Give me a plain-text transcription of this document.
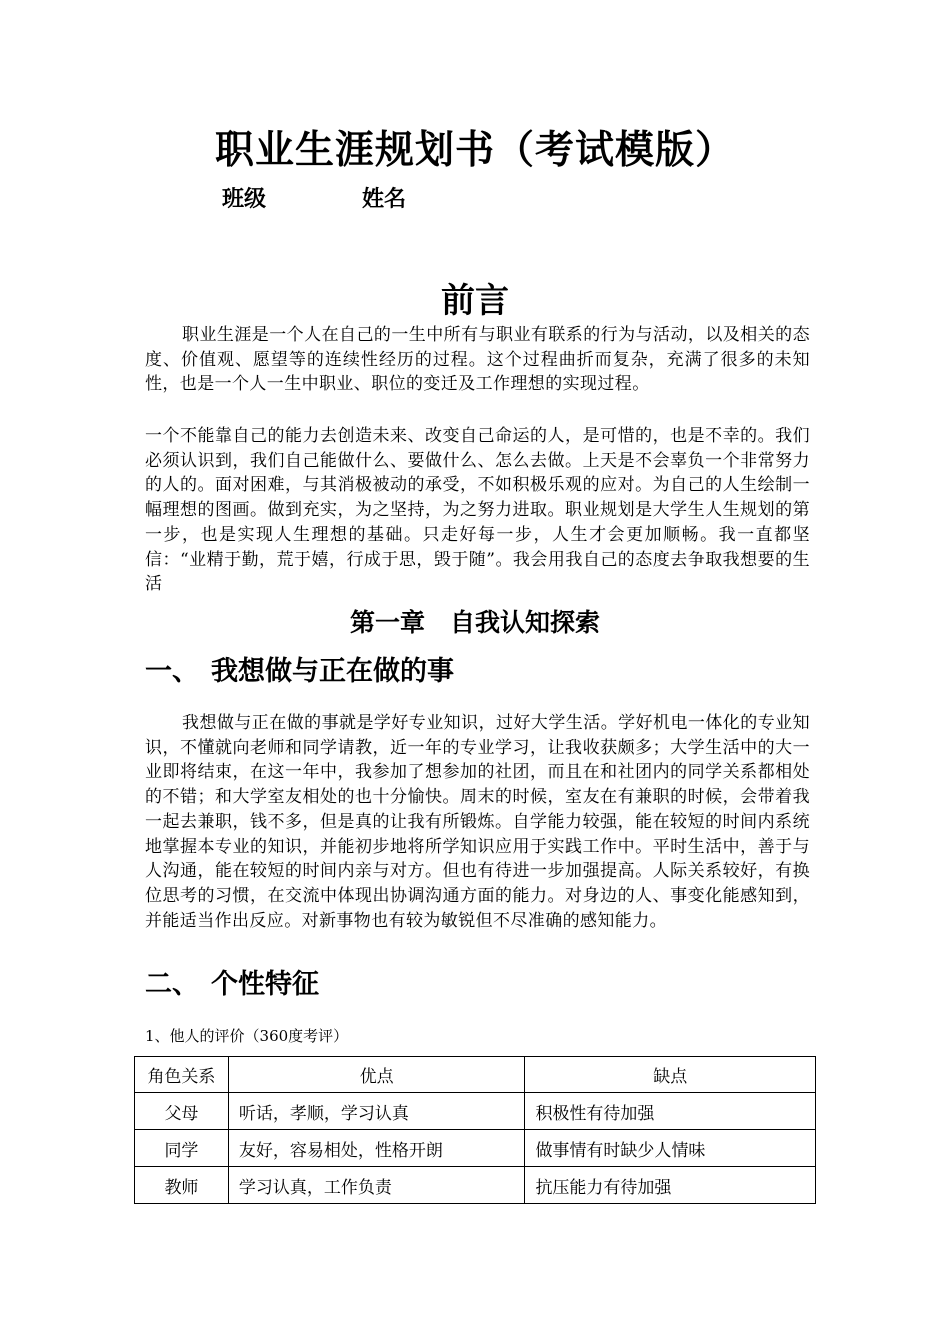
职业生涯规划书（考试模版）
班级	姓名
前言
职业生涯是一个人在自己的一生中所有与职业有联系的行为与活动，以及相关的态度、价值观、愿望等的连续性经历的过程。这个过程曲折而复杂，充满了很多的未知性，也是一个人一生中职业、职位的变迁及工作理想的实现过程。
一个不能靠自己的能力去创造未来、改变自己命运的人，是可惜的，也是不幸的。我们必须认识到，我们自己能做什么、要做什么、怎么去做。上天是不会辜负一个非常努力的人的。面对困难，与其消极被动的承受，不如积极乐观的应对。为自己的人生绘制一幅理想的图画。做到充实，为之坚持，为之努力进取。职业规划是大学生人生规划的第一步，也是实现人生理想的基础。只走好每一步，人生才会更加顺畅。我一直都坚信：“业精于勤，荒于嬉，行成于思，毁于随”。我会用我自己的态度去争取我想要的生活
第一章　自我认知探索
一、 我想做与正在做的事
我想做与正在做的事就是学好专业知识，过好大学生活。学好机电一体化的专业知识，不懂就向老师和同学请教，近一年的专业学习，让我收获颇多；大学生活中的大一业即将结束，在这一年中，我参加了想参加的社团，而且在和社团内的同学关系都相处的不错；和大学室友相处的也十分愉快。周末的时候，室友在有兼职的时候，会带着我一起去兼职，钱不多，但是真的让我有所锻炼。自学能力较强，能在较短的时间内系统地掌握本专业的知识，并能初步地将所学知识应用于实践工作中。平时生活中，善于与人沟通，能在较短的时间内亲与对方。但也有待进一步加强提高。人际关系较好，有换位思考的习惯，在交流中体现出协调沟通方面的能力。对身边的人、事变化能感知到，并能适当作出反应。对新事物也有较为敏锐但不尽准确的感知能力。
二、 个性特征
1、他人的评价（360度考评）
角色关系	优点	缺点
父母	听话，孝顺，学习认真	积极性有待加强
同学	友好，容易相处，性格开朗	做事情有时缺少人情味
教师	学习认真，工作负责	抗压能力有待加强
